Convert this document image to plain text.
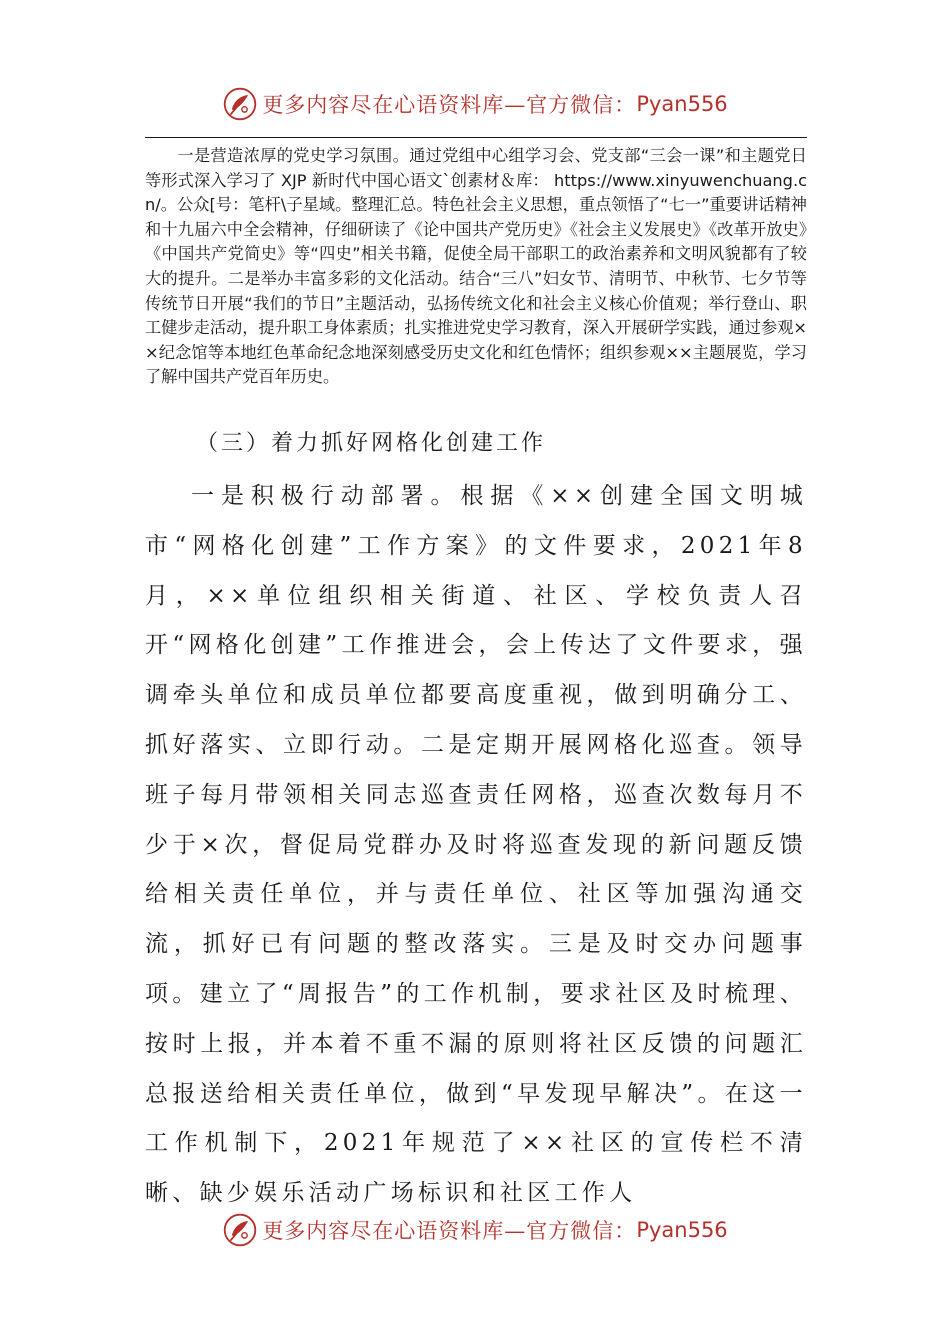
更多内容尽在心语资料库—官方微信： Pyan556

一是营造浓厚的党史学习氛围。通过党组中心组学习会、党支部“三会一课”和主题党日等形式深入学习了 XJP 新时代中国心语文`创素材＆库： https://www.xinyuwenchuang.cn/。公众[号：笔杆\子星域。整理汇总。特色社会主义思想，重点领悟了“七一”重要讲话精神和十九届六中全会精神，仔细研读了《论中国共产党历史》《社会主义发展史》《改革开放史》《中国共产党简史》等“四史”相关书籍，促使全局干部职工的政治素养和文明风貌都有了较大的提升。二是举办丰富多彩的文化活动。结合“三八”妇女节、清明节、中秋节、七夕节等传统节日开展“我们的节日”主题活动，弘扬传统文化和社会主义核心价值观；举行登山、职工健步走活动，提升职工身体素质；扎实推进党史学习教育，深入开展研学实践，通过参观××纪念馆等本地红色革命纪念地深刻感受历史文化和红色情怀；组织参观××主题展览，学习了解中国共产党百年历史。

（三）着力抓好网格化创建工作

一是积极行动部署。根据《××创建全国文明城市“网格化创建”工作方案》的文件要求，2021年8月，××单位组织相关街道、社区、学校负责人召开“网格化创建”工作推进会，会上传达了文件要求，强调牵头单位和成员单位都要高度重视，做到明确分工、抓好落实、立即行动。二是定期开展网格化巡查。领导班子每月带领相关同志巡查责任网格，巡查次数每月不少于×次，督促局党群办及时将巡查发现的新问题反馈给相关责任单位，并与责任单位、社区等加强沟通交流，抓好已有问题的整改落实。三是及时交办问题事项。建立了“周报告”的工作机制，要求社区及时梳理、按时上报，并本着不重不漏的原则将社区反馈的问题汇总报送给相关责任单位，做到“早发现早解决”。在这一工作机制下，2021年规范了××社区的宣传栏不清晰、缺少娱乐活动广场标识和社区工作人

更多内容尽在心语资料库—官方微信： Pyan556
